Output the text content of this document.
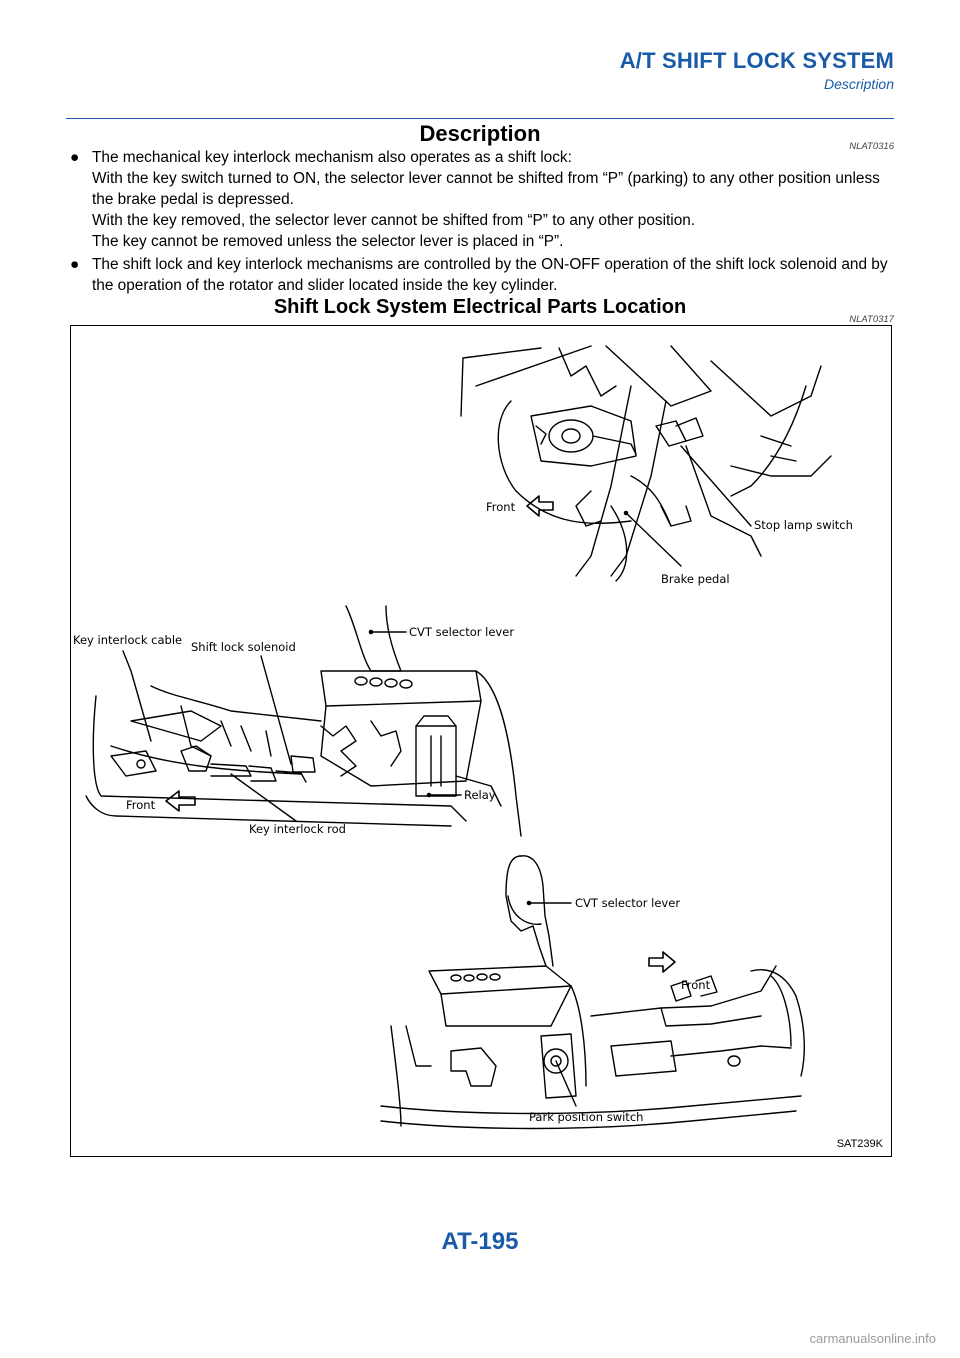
A/T SHIFT LOCK SYSTEM
Description
Description
NLAT0316
● The mechanical key interlock mechanism also operates as a shift lock:
With the key switch turned to ON, the selector lever cannot be shifted from “P” (parking) to any other position unless the brake pedal is depressed.
With the key removed, the selector lever cannot be shifted from “P” to any other position.
The key cannot be removed unless the selector lever is placed in “P”.
● The shift lock and key interlock mechanisms are controlled by the ON-OFF operation of the shift lock solenoid and by the operation of the rotator and slider located inside the key cylinder.
Shift Lock System Electrical Parts Location
NLAT0317
Front
Stop lamp switch
Brake pedal
Key interlock cable Shift lock solenoid
CVT selector lever
Relay
Front
Key interlock rod
CVT selector lever
Front
Park position switch
SAT239K
AT-195
carmanualsonline.info
